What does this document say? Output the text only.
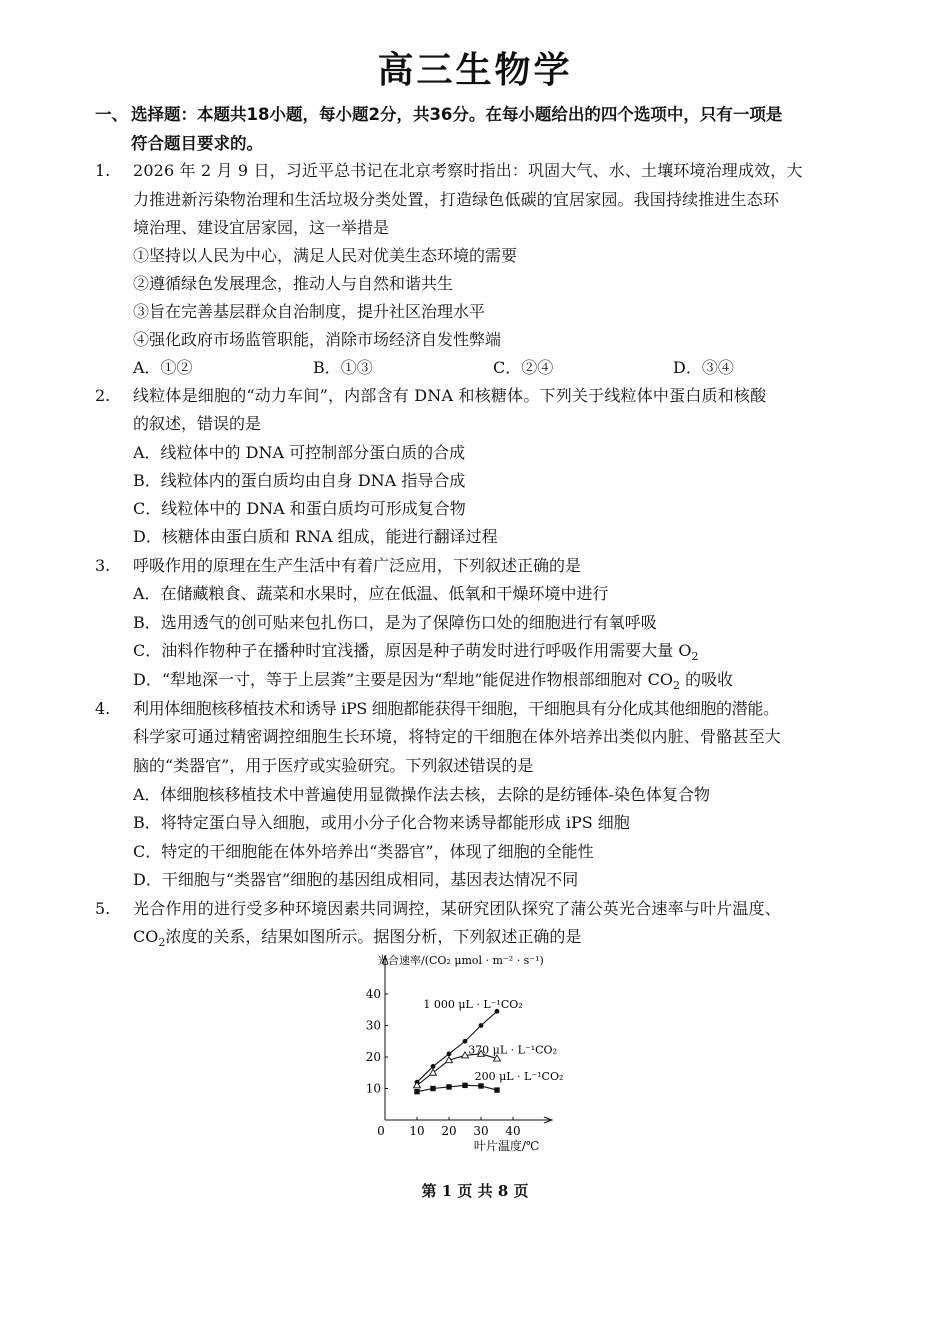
高三生物学
一、 选择题：本题共18小题，每小题2分，共36分。在每小题给出的四个选项中，只有一项是
符合题目要求的。
1. 2026 年 2 月 9 日，习近平总书记在北京考察时指出：巩固大气、水、土壤环境治理成效，大
力推进新污染物治理和生活垃圾分类处置，打造绿色低碳的宜居家园。我国持续推进生态环
境治理、建设宜居家园，这一举措是
①坚持以人民为中心，满足人民对优美生态环境的需要
②遵循绿色发展理念，推动人与自然和谐共生
③旨在完善基层群众自治制度，提升社区治理水平
④强化政府市场监管职能，消除市场经济自发性弊端
A．①②	B．①③	C．②④	D．③④
2. 线粒体是细胞的“动力车间”，内部含有 DNA 和核糖体。下列关于线粒体中蛋白质和核酸
的叙述，错误的是
A．线粒体中的 DNA 可控制部分蛋白质的合成
B．线粒体内的蛋白质均由自身 DNA 指导合成
C．线粒体中的 DNA 和蛋白质均可形成复合物
D．核糖体由蛋白质和 RNA 组成，能进行翻译过程
3. 呼吸作用的原理在生产生活中有着广泛应用，下列叙述正确的是
A．在储藏粮食、蔬菜和水果时，应在低温、低氧和干燥环境中进行
B．选用透气的创可贴来包扎伤口，是为了保障伤口处的细胞进行有氧呼吸
C．油料作物种子在播种时宜浅播，原因是种子萌发时进行呼吸作用需要大量 $O_2$
D．“犁地深一寸，等于上层粪”主要是因为“犁地”能促进作物根部细胞对 $CO_2$ 的吸收
4. 利用体细胞核移植技术和诱导 iPS 细胞都能获得干细胞，干细胞具有分化成其他细胞的潜能。
科学家可通过精密调控细胞生长环境，将特定的干细胞在体外培养出类似内脏、骨骼甚至大
脑的“类器官”，用于医疗或实验研究。下列叙述错误的是
A．体细胞核移植技术中普遍使用显微操作法去核，去除的是纺锤体-染色体复合物
B．将特定蛋白导入细胞，或用小分子化合物来诱导都能形成 iPS 细胞
C．特定的干细胞能在体外培养出“类器官”，体现了细胞的全能性
D．干细胞与“类器官”细胞的基因组成相同，基因表达情况不同
5. 光合作用的进行受多种环境因素共同调控，某研究团队探究了蒲公英光合速率与叶片温度、
$CO_2$浓度的关系，结果如图所示。据图分析，下列叙述正确的是
光合速率/(CO₂ μmol · m⁻² · s⁻¹)
10 20 30 40
10
20
30
40
0
叶片温度/℃
1 000 μL · L⁻¹CO₂
370 μL · L⁻¹CO₂
200 μL · L⁻¹CO₂
第 1 页 共 8 页
